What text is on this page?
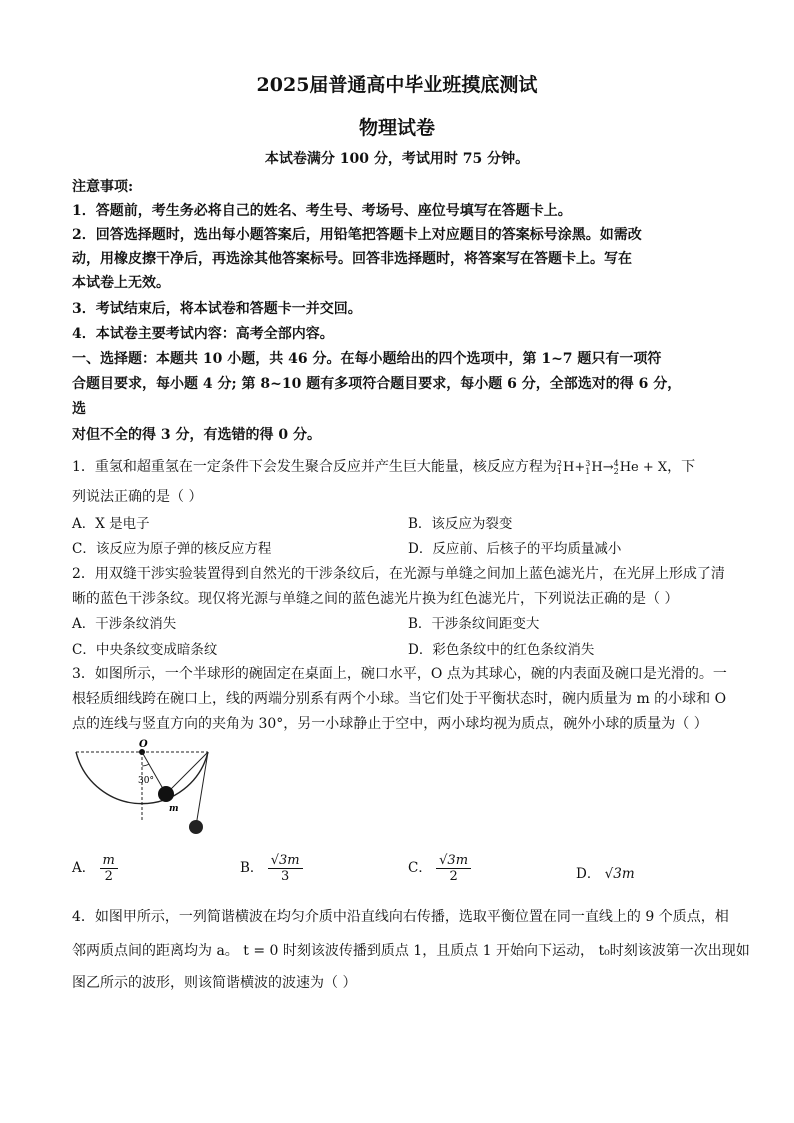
2025届普通高中毕业班摸底测试
物理试卷
本试卷满分 100 分，考试用时 75 分钟。
注意事项:
1．答题前，考生务必将自己的姓名、考生号、考场号、座位号填写在答题卡上。
2．回答选择题时，选出每小题答案后，用铅笔把答题卡上对应题目的答案标号涂黑。如需改
动，用橡皮擦干净后，再选涂其他答案标号。回答非选择题时，将答案写在答题卡上。写在
本试卷上无效。
3．考试结束后，将本试卷和答题卡一并交回。
4．本试卷主要考试内容：高考全部内容。
一、选择题：本题共 10 小题，共 46 分。在每小题给出的四个选项中，第 1~7 题只有一项符
合题目要求，每小题 4 分; 第 8~10 题有多项符合题目要求，每小题 6 分，全部选对的得 6 分，
选
对但不全的得 3 分，有选错的得 0 分。
1．重氢和超重氢在一定条件下会发生聚合反应并产生巨大能量，核反应方程为 2
1 H+ 3
1 H→ 4
2 He + X，下
列说法正确的是（ ）
A．X 是电子	B．该反应为裂变
C．该反应为原子弹的核反应方程	D．反应前、后核子的平均质量减小
2．用双缝干涉实验装置得到自然光的干涉条纹后，在光源与单缝之间加上蓝色滤光片，在光屏上形成了清
晰的蓝色干涉条纹。现仅将光源与单缝之间的蓝色滤光片换为红色滤光片，下列说法正确的是（ ）
A．干涉条纹消失	B．干涉条纹间距变大
C．中央条纹变成暗条纹	D．彩色条纹中的红色条纹消失
3．如图所示，一个半球形的碗固定在桌面上，碗口水平，O 点为其球心，碗的内表面及碗口是光滑的。一
根轻质细线跨在碗口上，线的两端分别系有两个小球。当它们处于平衡状态时，碗内质量为 m 的小球和 O
点的连线与竖直方向的夹角为 30°，另一小球静止于空中，两小球均视为质点，碗外小球的质量为（ ）
O
30°
m
A． $\frac{m}{2}$	B． $\frac{√3m}{3}$	C． $\frac{√3m}{2}$	D． √3m
4．如图甲所示，一列简谐横波在均匀介质中沿直线向右传播，选取平衡位置在同一直线上的 9 个质点，相
邻两质点间的距离均为 a。 t = 0 时刻该波传播到质点 1，且质点 1 开始向下运动， t₀时刻该波第一次出现如
图乙所示的波形，则该简谐横波的波速为（ ）
